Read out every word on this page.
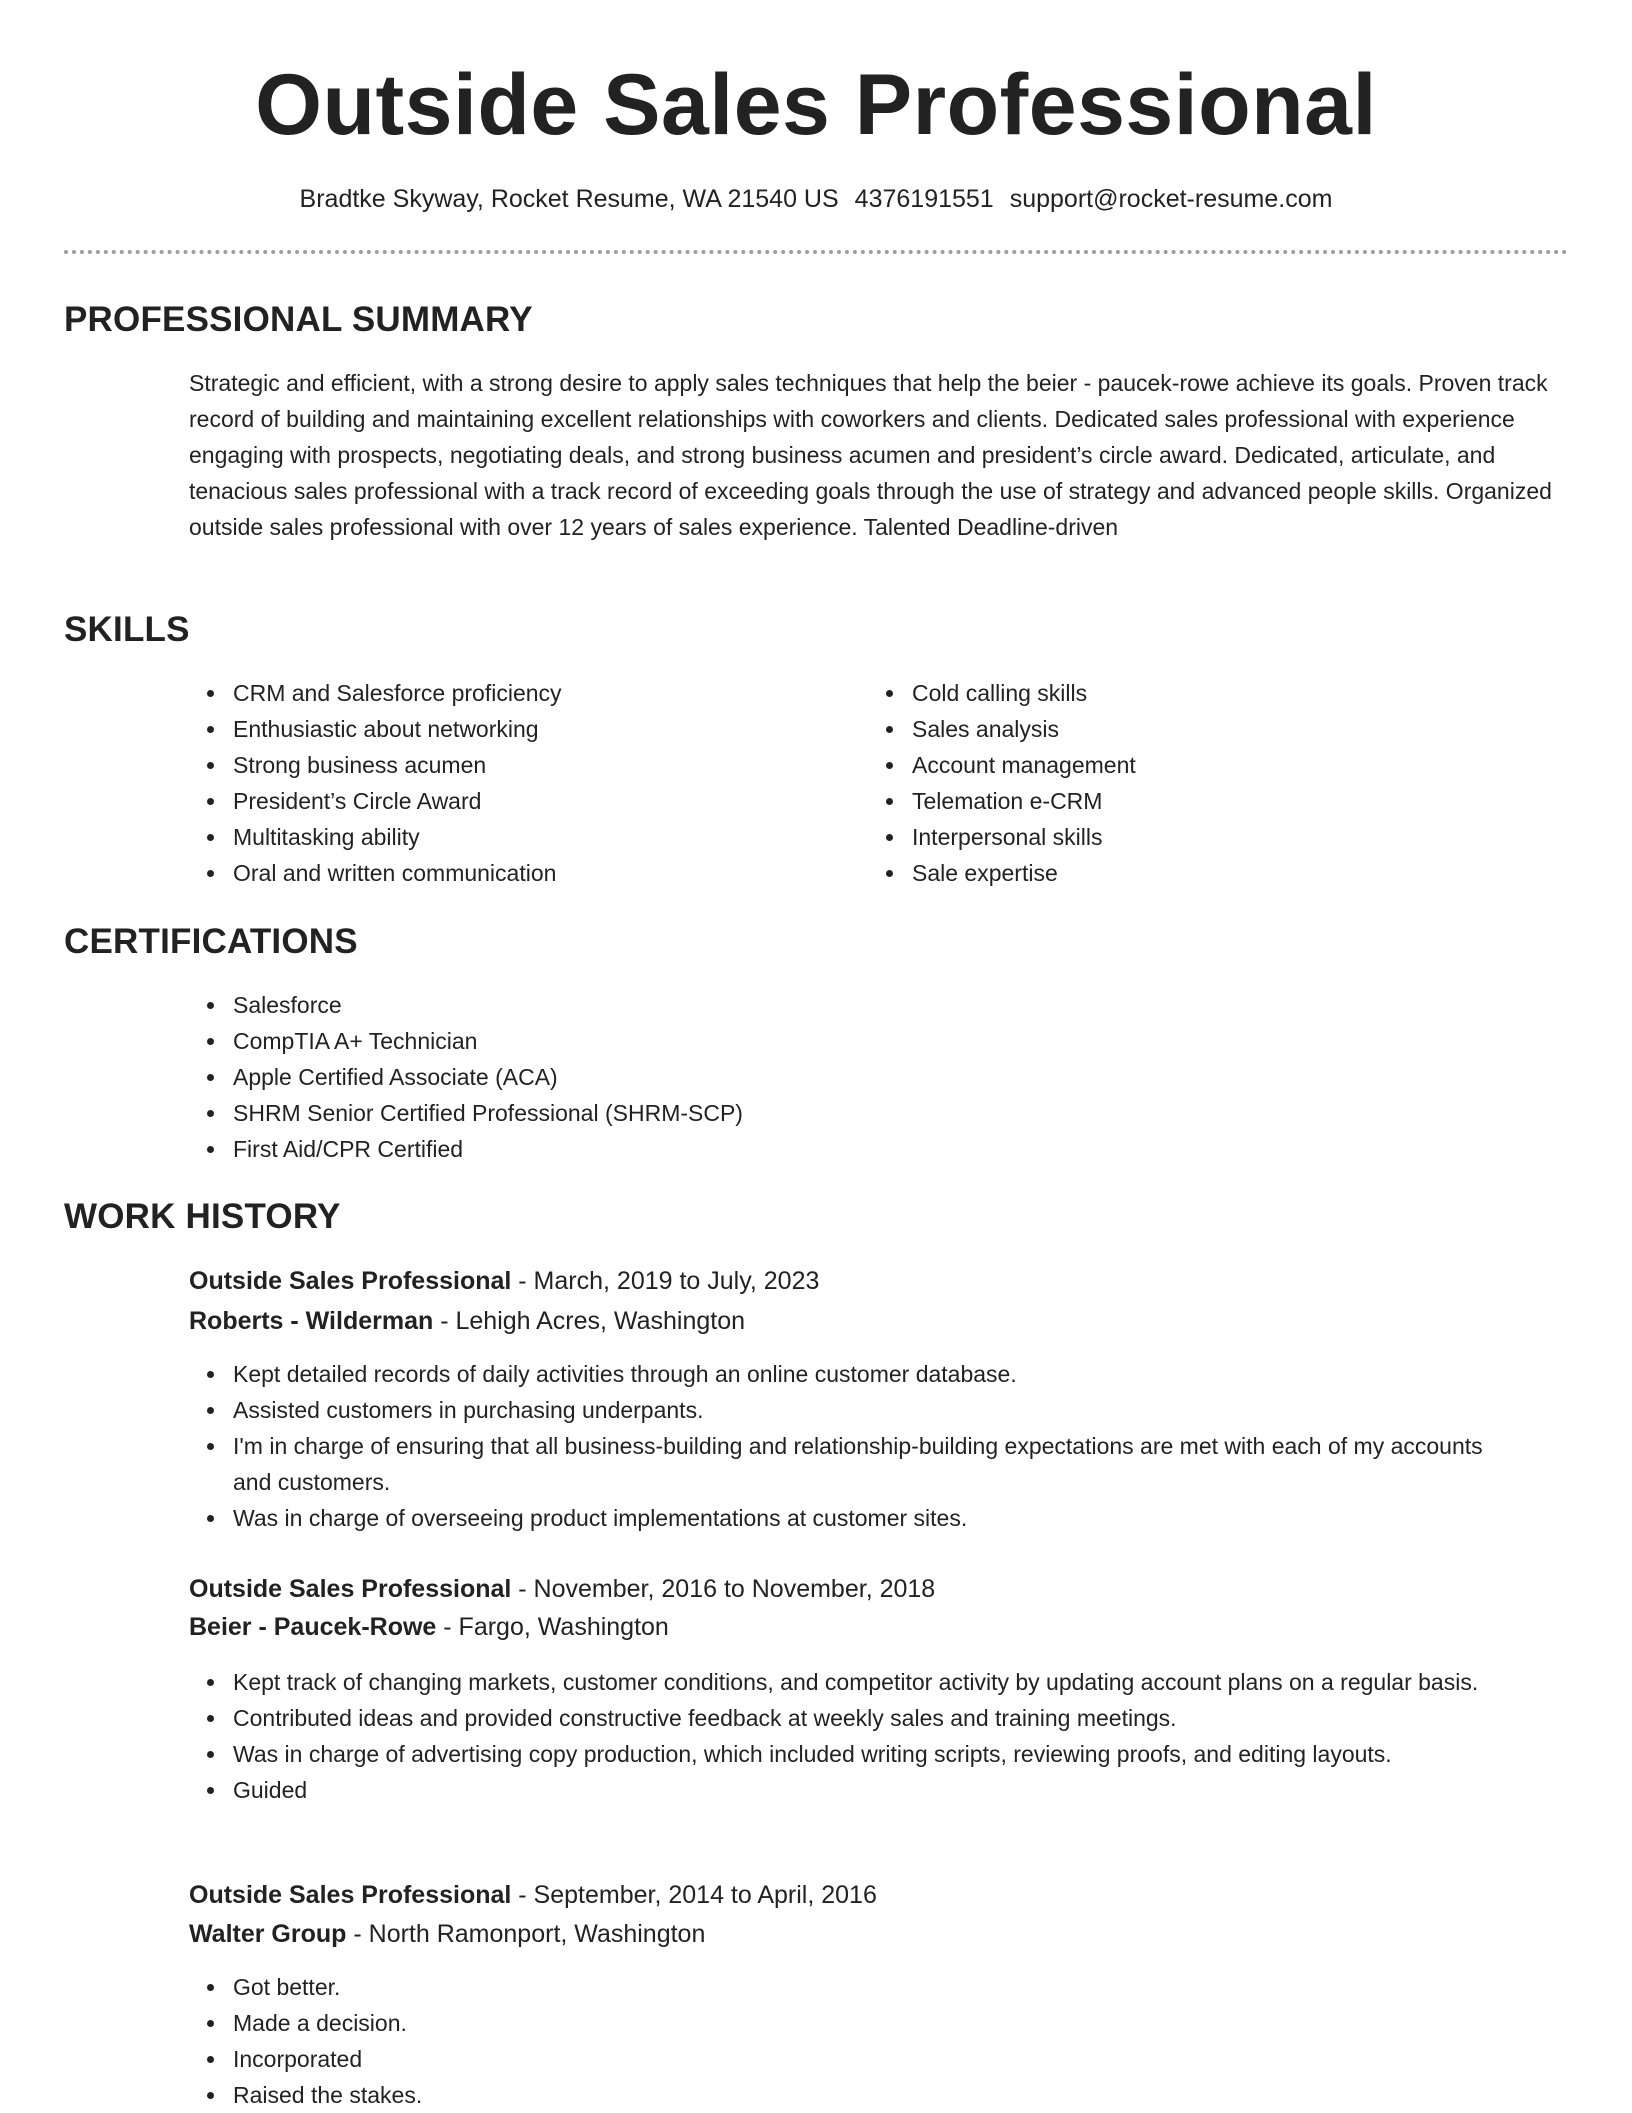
Outside Sales Professional
Bradtke Skyway, Rocket Resume, WA 21540 US 4376191551 support@rocket-resume.com
PROFESSIONAL SUMMARY

Strategic and efficient, with a strong desire to apply sales techniques that help the beier - paucek-rowe achieve its goals. Proven track record of building and maintaining excellent relationships with coworkers and clients. Dedicated sales professional with experience engaging with prospects, negotiating deals, and strong business acumen and president’s circle award. Dedicated, articulate, and tenacious sales professional with a track record of exceeding goals through the use of strategy and advanced people skills. Organized outside sales professional with over 12 years of sales experience. Talented Deadline-driven

SKILLS
CRM and Salesforce proficiency
Enthusiastic about networking
Strong business acumen
President’s Circle Award
Multitasking ability
Oral and written communication
Cold calling skills
Sales analysis
Account management
Telemation e-CRM
Interpersonal skills
Sale expertise
CERTIFICATIONS
Salesforce
CompTIA A+ Technician
Apple Certified Associate (ACA)
SHRM Senior Certified Professional (SHRM-SCP)
First Aid/CPR Certified
WORK HISTORY
Outside Sales Professional - March, 2019 to July, 2023
Roberts - Wilderman - Lehigh Acres, Washington
Kept detailed records of daily activities through an online customer database.
Assisted customers in purchasing underpants.
I'm in charge of ensuring that all business-building and relationship-building expectations are met with each of my accounts and customers.
Was in charge of overseeing product implementations at customer sites.
Outside Sales Professional - November, 2016 to November, 2018
Beier - Paucek-Rowe - Fargo, Washington
Kept track of changing markets, customer conditions, and competitor activity by updating account plans on a regular basis.
Contributed ideas and provided constructive feedback at weekly sales and training meetings.
Was in charge of advertising copy production, which included writing scripts, reviewing proofs, and editing layouts.
Guided
Outside Sales Professional - September, 2014 to April, 2016
Walter Group - North Ramonport, Washington
Got better.
Made a decision.
Incorporated
Raised the stakes.
